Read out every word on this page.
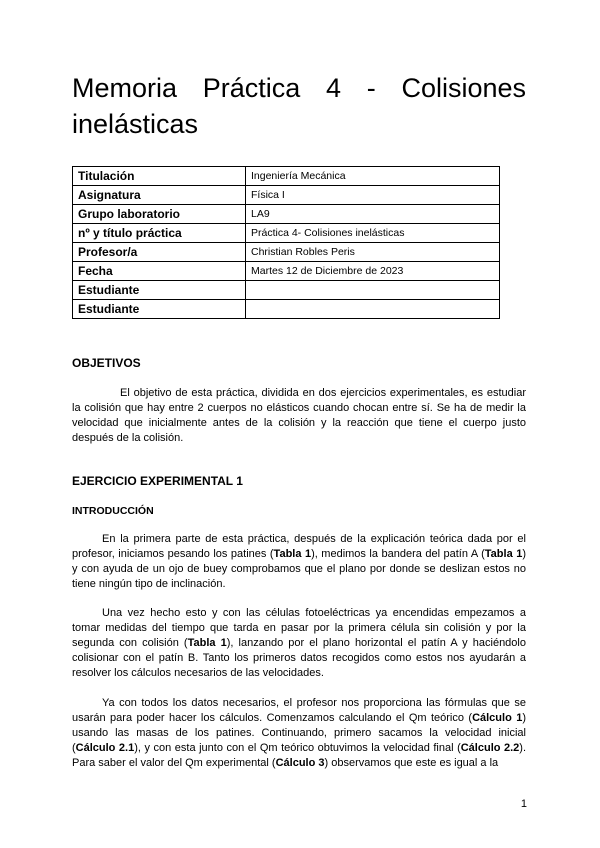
Memoria Práctica 4 - Colisiones
inelásticas
Titulación	Ingeniería Mecánica
Asignatura	Física I
Grupo laboratorio	LA9
nº y título práctica	Práctica 4- Colisiones inelásticas
Profesor/a	Christian Robles Peris
Fecha	Martes 12 de Diciembre de 2023
Estudiante	
Estudiante	

OBJETIVOS

El objetivo de esta práctica, dividida en dos ejercicios experimentales, es estudiar la colisión que hay entre 2 cuerpos no elásticos cuando chocan entre sí. Se ha de medir la velocidad que inicialmente antes de la colisión y la reacción que tiene el cuerpo justo después de la colisión.

EJERCICIO EXPERIMENTAL 1

INTRODUCCIÓN

En la primera parte de esta práctica, después de la explicación teórica dada por el profesor, iniciamos pesando los patines (Tabla 1), medimos la bandera del patín A (Tabla 1) y con ayuda de un ojo de buey comprobamos que el plano por donde se deslizan estos no tiene ningún tipo de inclinación.

Una vez hecho esto y con las células fotoeléctricas ya encendidas empezamos a tomar medidas del tiempo que tarda en pasar por la primera célula sin colisión y por la segunda con colisión (Tabla 1), lanzando por el plano horizontal el patín A y haciéndolo colisionar con el patín B. Tanto los primeros datos recogidos como estos nos ayudarán a resolver los cálculos necesarios de las velocidades.

Ya con todos los datos necesarios, el profesor nos proporciona las fórmulas que se usarán para poder hacer los cálculos. Comenzamos calculando el Qm teórico (Cálculo 1) usando las masas de los patines. Continuando, primero sacamos la velocidad inicial (Cálculo 2.1), y con esta junto con el Qm teórico obtuvimos la velocidad final (Cálculo 2.2). Para saber el valor del Qm experimental (Cálculo 3) observamos que este es igual a la

1
